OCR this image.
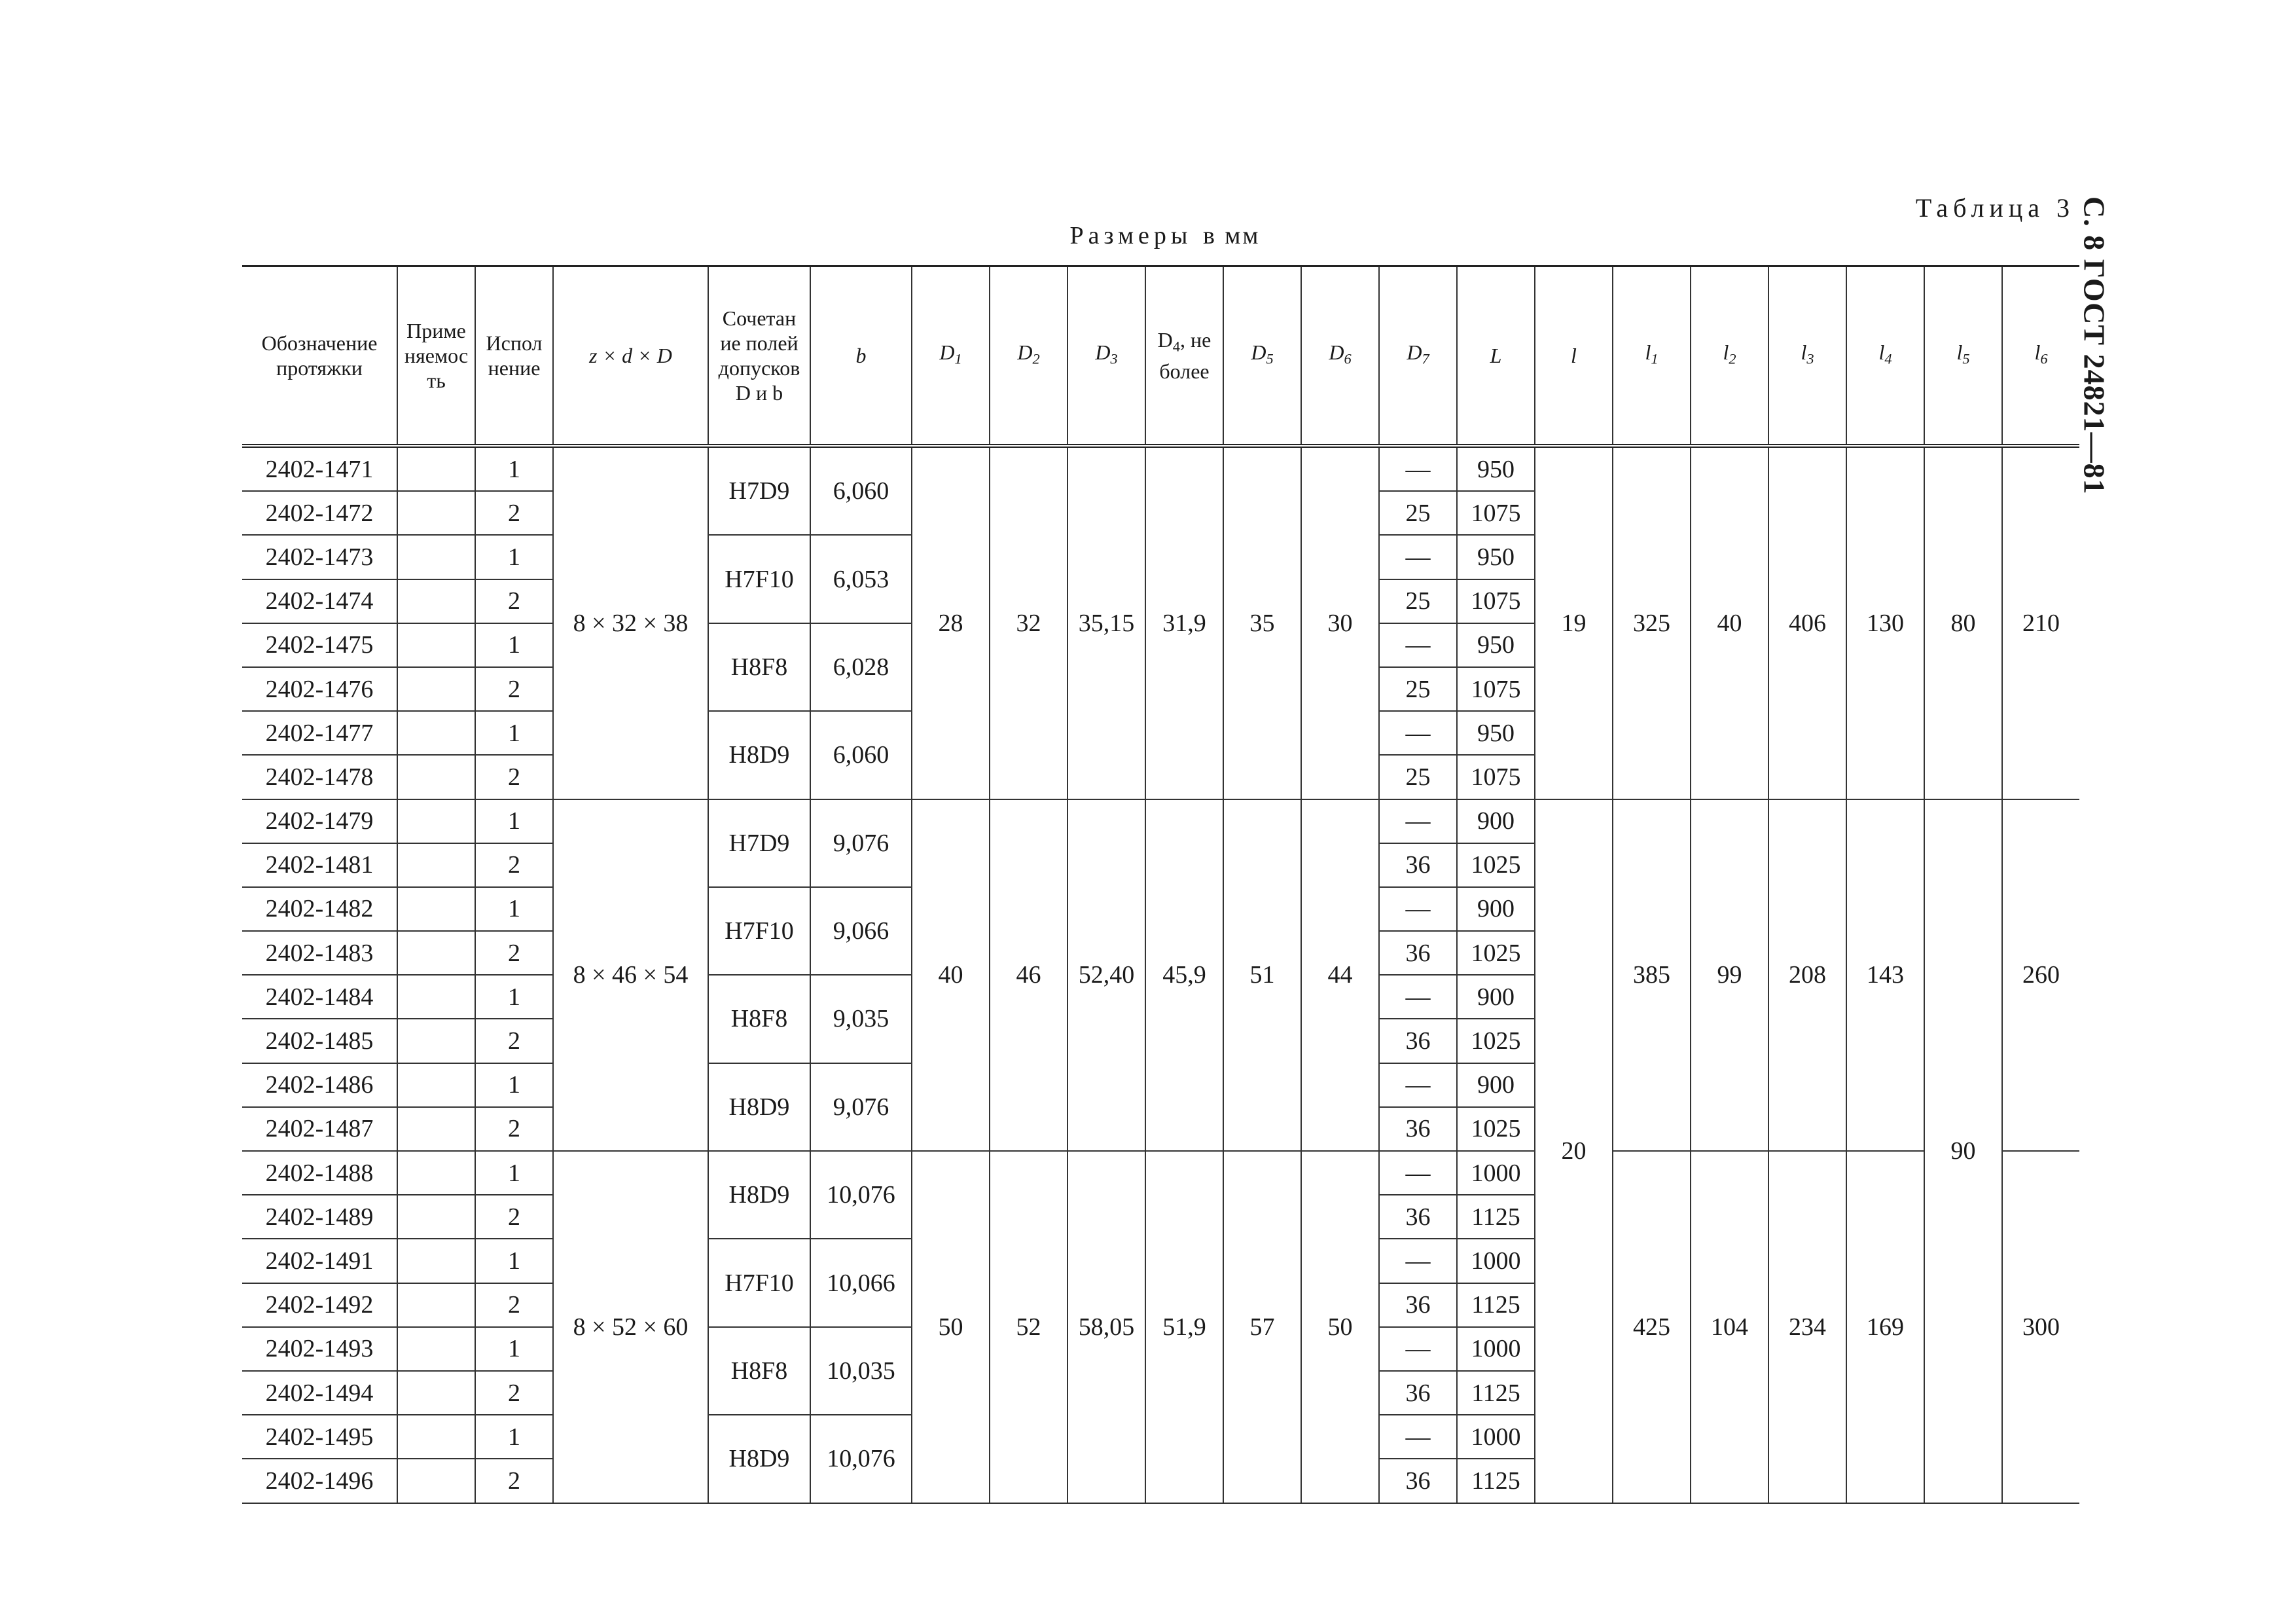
С. 8 ГОСТ 24821—81
Таблица 3
Размеры в мм
Обозначение протяжки	Применяемость	Исполнение	z × d × D	Сочетание полей допусков D и b	b	$D_1$	$D_2$	$D_3$	$D_4$, не более	$D_5$	$D_6$	$D_7$	L	l	$l_1$	$l_2$	$l_3$	$l_4$	$l_5$	$l_6$
2402-1471		1	8 × 32 × 38	H7D9	6,060	28	32	35,15	31,9	35	30	—	950	19	325	40	406	130	80	210
2402-1472		2										25	1075							
2402-1473		1		H7F10	6,053							—	950							
2402-1474		2										25	1075							
2402-1475		1		H8F8	6,028							—	950							
2402-1476		2										25	1075							
2402-1477		1		H8D9	6,060							—	950							
2402-1478		2										25	1075							
2402-1479		1	8 × 46 × 54	H7D9	9,076	40	46	52,40	45,9	51	44	—	900	20	385	99	208	143	90	260
2402-1481		2										36	1025							
2402-1482		1		H7F10	9,066							—	900							
2402-1483		2										36	1025							
2402-1484		1		H8F8	9,035							—	900							
2402-1485		2										36	1025							
2402-1486		1		H8D9	9,076							—	900							
2402-1487		2										36	1025							
2402-1488		1	8 × 52 × 60	H8D9	10,076	50	52	58,05	51,9	57	50	—	1000		425	104	234	169		300
2402-1489		2										36	1125							
2402-1491		1		H7F10	10,066							—	1000							
2402-1492		2										36	1125							
2402-1493		1		H8F8	10,035							—	1000							
2402-1494		2										36	1125							
2402-1495		1		H8D9	10,076							—	1000							
2402-1496		2										36	1125							
